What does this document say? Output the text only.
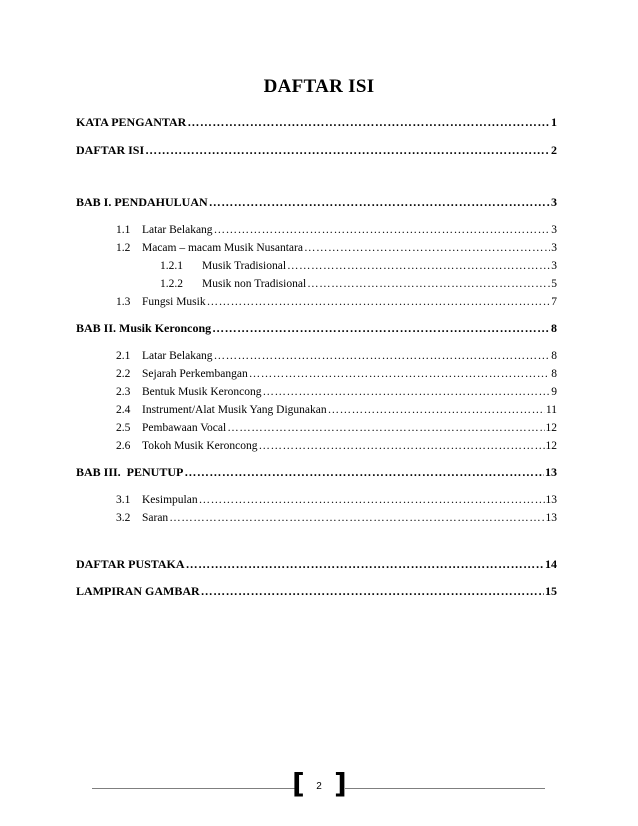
DAFTAR ISI
KATA PENGANTAR ……………………………………………………………………………………………………………………………………………………………………………………………………………………	1
DAFTAR ISI ……………………………………………………………………………………………………………………………………………………………………………………………………………………	2
BAB I. PENDAHULUAN ……………………………………………………………………………………………………………………………………………………………………………………………………………………	3
1.1	Latar Belakang ……………………………………………………………………………………………………………………………………………………………………………………………………………………	3
1.2	Macam – macam Musik Nusantara ……………………………………………………………………………………………………………………………………………………………………………………………………………………	3
1.2.1	Musik Tradisional ……………………………………………………………………………………………………………………………………………………………………………………………………………………	3
1.2.2	Musik non Tradisional ……………………………………………………………………………………………………………………………………………………………………………………………………………………	5
1.3	Fungsi Musik ……………………………………………………………………………………………………………………………………………………………………………………………………………………	7
BAB II. Musik Keroncong ……………………………………………………………………………………………………………………………………………………………………………………………………………………	8
2.1	Latar Belakang ……………………………………………………………………………………………………………………………………………………………………………………………………………………	8
2.2	Sejarah Perkembangan ……………………………………………………………………………………………………………………………………………………………………………………………………………………	8
2.3	Bentuk Musik Keroncong ……………………………………………………………………………………………………………………………………………………………………………………………………………………	9
2.4	Instrument/Alat Musik Yang Digunakan ……………………………………………………………………………………………………………………………………………………………………………………………………………………	11
2.5	Pembawaan Vocal ……………………………………………………………………………………………………………………………………………………………………………………………………………………	12
2.6	Tokoh Musik Keroncong ……………………………………………………………………………………………………………………………………………………………………………………………………………………	12
BAB III.  PENUTUP ……………………………………………………………………………………………………………………………………………………………………………………………………………………	13
3.1	Kesimpulan ……………………………………………………………………………………………………………………………………………………………………………………………………………………	13
3.2	Saran ……………………………………………………………………………………………………………………………………………………………………………………………………………………	13
DAFTAR PUSTAKA ……………………………………………………………………………………………………………………………………………………………………………………………………………………	14
LAMPIRAN GAMBAR ……………………………………………………………………………………………………………………………………………………………………………………………………………………	15
[	2 ]
